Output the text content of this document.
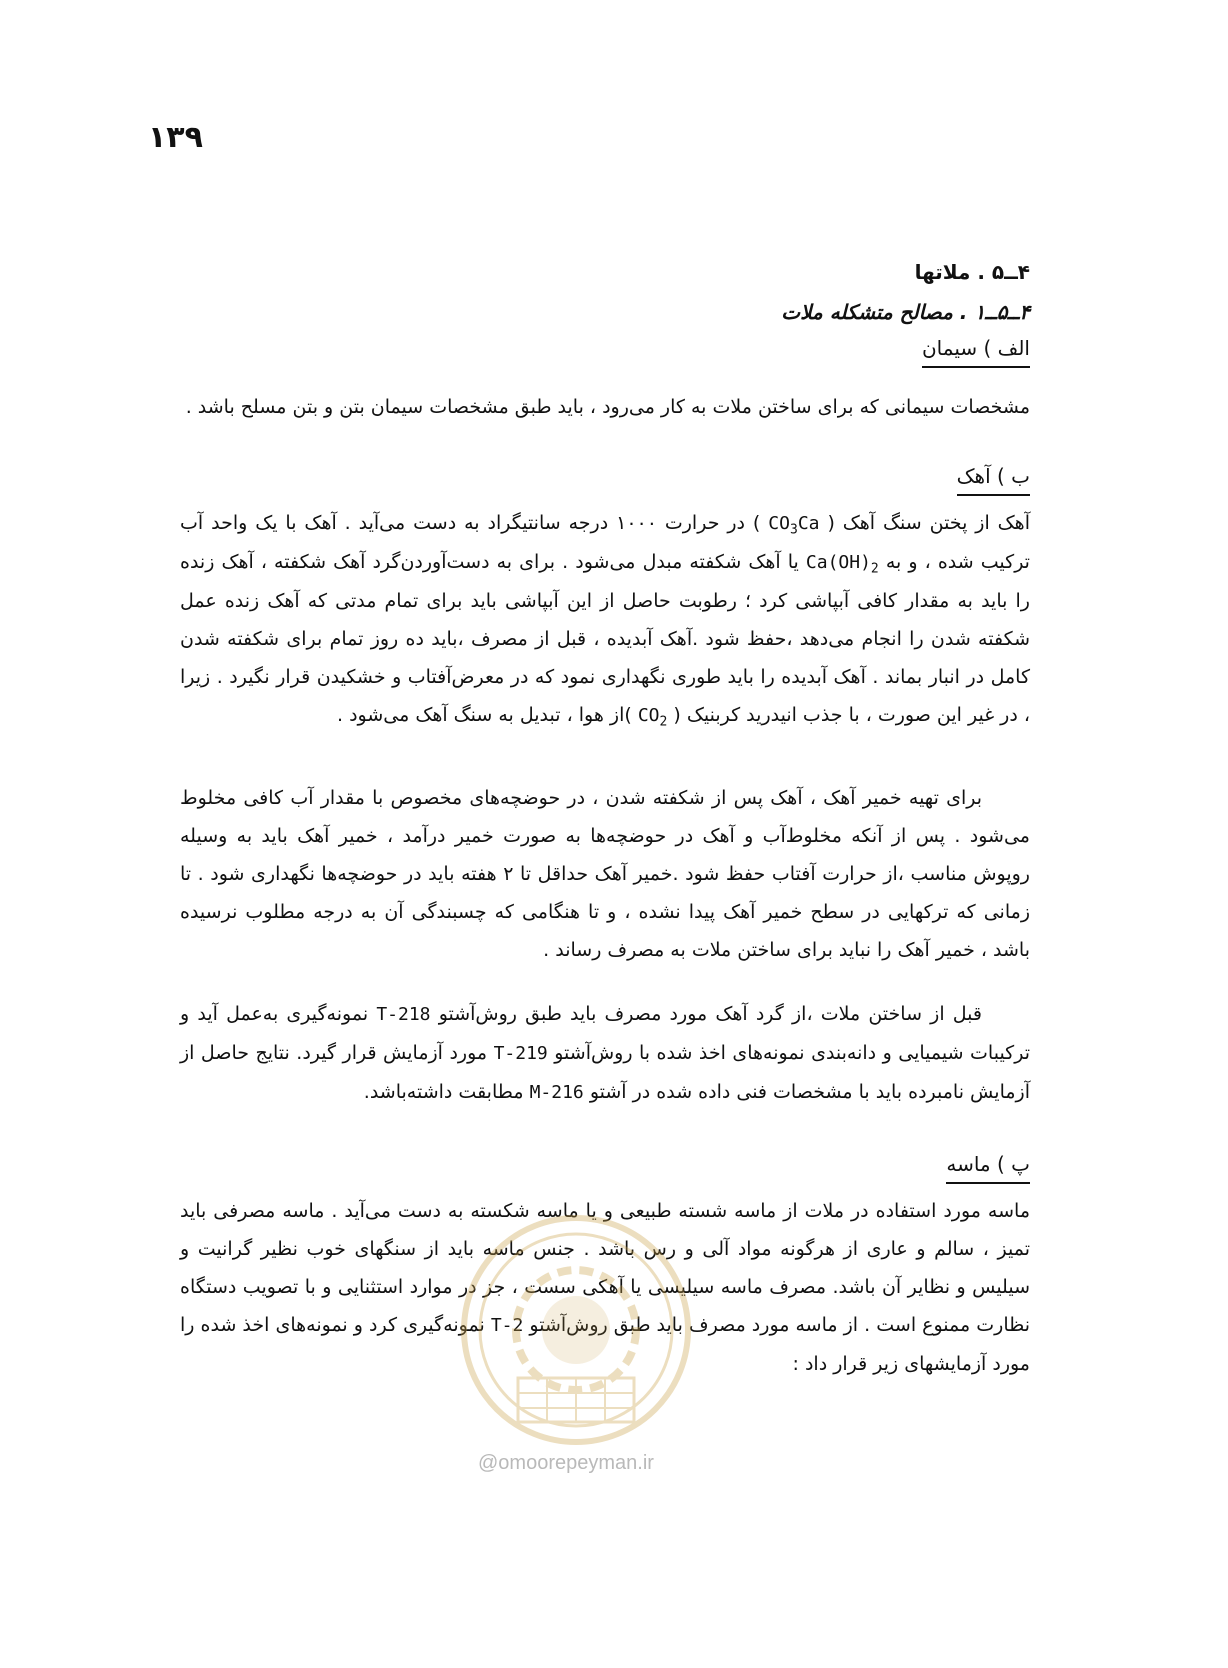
۱۳۹
۴ــ۵ . ملاتها
۴ــ۵ــ۱ . مصالح متشکله ملات
الف ) سیمان

مشخصات سیمانی که برای ساختن ملات به کار می‌رود ، باید طبق مشخصات سیمان بتن و بتن مسلح باشد .

ب ) آهک

آهک از پختن سنگ آهک ( $CO_3Ca$ ) در حرارت ۱۰۰۰ درجه سانتیگراد به دست می‌آید . آهک با یک واحد آب ترکیب شده ، و به $Ca(OH)_2$ یا آهک شکفته مبدل می‌شود . برای به دست‌آوردن‌گرد آهک شکفته ، آهک زنده را باید به مقدار کافی آبپاشی کرد ؛ رطوبت حاصل از این آبپاشی باید برای تمام مدتی که آهک زنده عمل شکفته شدن را انجام می‌دهد ،حفظ شود .آهک آبدیده ، قبل از مصرف ،باید ده روز تمام برای شکفته شدن کامل در انبار بماند . آهک آبدیده را باید طوری نگهداری نمود که در معرض‌آفتاب و خشکیدن قرار نگیرد . زیرا ، در غیر این صورت ، با جذب انیدرید کربنیک ( $CO_2$ )از هوا ، تبدیل به سنگ آهک می‌شود .

برای تهیه خمیر آهک ، آهک پس از شکفته شدن ، در حوضچه‌های مخصوص با مقدار آب کافی مخلوط می‌شود . پس از آنکه مخلوط‌آب و آهک در حوضچه‌ها به صورت خمیر درآمد ، خمیر آهک باید به وسیله روپوش مناسب ،از حرارت آفتاب حفظ شود .خمیر آهک حداقل تا ۲ هفته باید در حوضچه‌ها نگهداری شود . تا زمانی که ترکهایی در سطح خمیر آهک پیدا نشده ، و تا هنگامی که چسبندگی آن به درجه مطلوب نرسیده باشد ، خمیر آهک را نباید برای ساختن ملات به مصرف رساند .

قبل از ساختن ملات ،از گرد آهک مورد مصرف باید طبق روش‌آشتو T-218 نمونه‌گیری به‌عمل آید و ترکیبات شیمیایی و دانه‌بندی نمونه‌های اخذ شده با روش‌آشتو T-219 مورد آزمایش قرار گیرد. نتایج حاصل از آزمایش نامبرده باید با مشخصات فنی داده شده در آشتو M-216 مطابقت داشته‌باشد.

پ ) ماسه

ماسه مورد استفاده در ملات از ماسه شسته طبیعی و یا ماسه شکسته به دست می‌آید . ماسه مصرفی باید تمیز ، سالم و عاری از هرگونه مواد آلی و رس باشد . جنس ماسه باید از سنگهای خوب نظیر گرانیت و سیلیس و نظایر آن باشد. مصرف ماسه سیلیسی یا آهکی سست ، جز در موارد استثنایی و با تصویب دستگاه نظارت ممنوع است . از ماسه مورد مصرف باید طبق روش‌آشتو T-2 نمونه‌گیری کرد و نمونه‌های اخذ شده را مورد آزمایشهای زیر قرار داد :

@omoorepeyman.ir
